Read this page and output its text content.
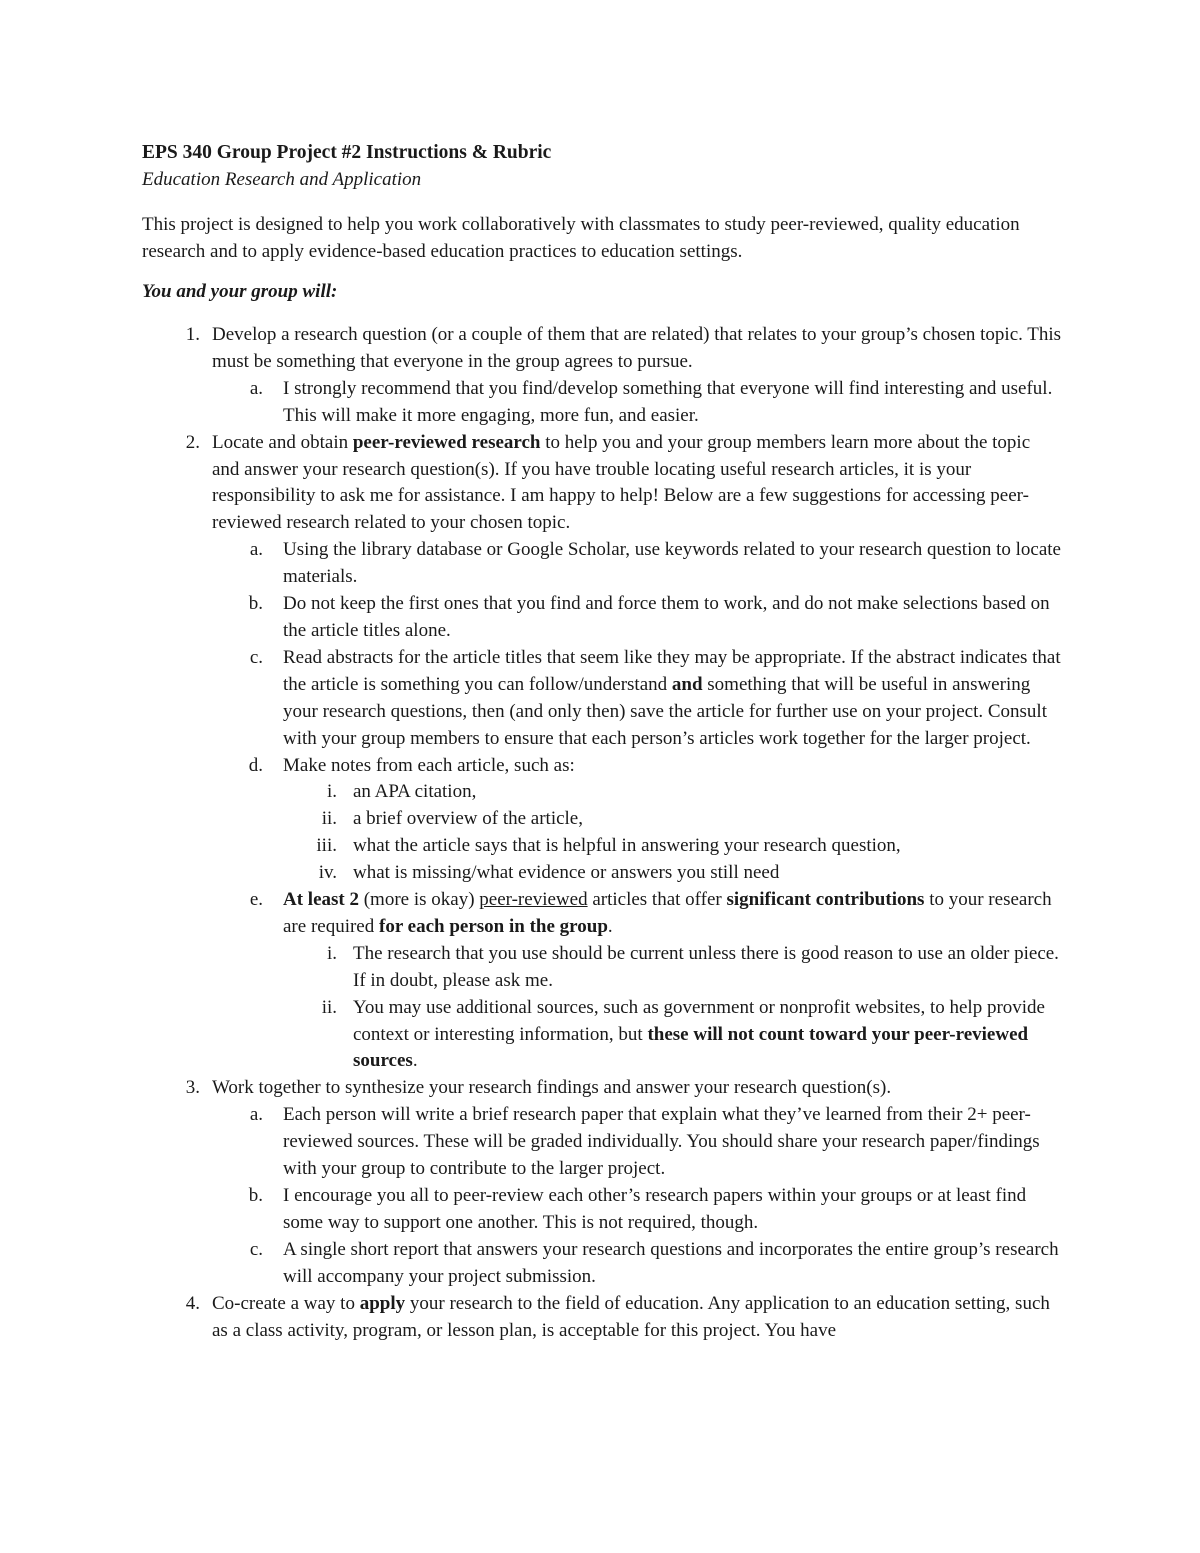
EPS 340 Group Project #2 Instructions & Rubric
Education Research and Application
This project is designed to help you work collaboratively with classmates to study peer-reviewed, quality education research and to apply evidence-based education practices to education settings.
You and your group will:
1. Develop a research question (or a couple of them that are related) that relates to your group’s chosen topic. This must be something that everyone in the group agrees to pursue.
a. I strongly recommend that you find/develop something that everyone will find interesting and useful. This will make it more engaging, more fun, and easier.
2. Locate and obtain peer-reviewed research to help you and your group members learn more about the topic and answer your research question(s). If you have trouble locating useful research articles, it is your responsibility to ask me for assistance. I am happy to help! Below are a few suggestions for accessing peer-reviewed research related to your chosen topic.
a. Using the library database or Google Scholar, use keywords related to your research question to locate materials.
b. Do not keep the first ones that you find and force them to work, and do not make selections based on the article titles alone.
c. Read abstracts for the article titles that seem like they may be appropriate. If the abstract indicates that the article is something you can follow/understand and something that will be useful in answering your research questions, then (and only then) save the article for further use on your project. Consult with your group members to ensure that each person’s articles work together for the larger project.
d. Make notes from each article, such as:
i. an APA citation,
ii. a brief overview of the article,
iii. what the article says that is helpful in answering your research question,
iv. what is missing/what evidence or answers you still need
e. At least 2 (more is okay) peer-reviewed articles that offer significant contributions to your research are required for each person in the group.
i. The research that you use should be current unless there is good reason to use an older piece. If in doubt, please ask me.
ii. You may use additional sources, such as government or nonprofit websites, to help provide context or interesting information, but these will not count toward your peer-reviewed sources.
3. Work together to synthesize your research findings and answer your research question(s).
a. Each person will write a brief research paper that explain what they’ve learned from their 2+ peer-reviewed sources. These will be graded individually. You should share your research paper/findings with your group to contribute to the larger project.
b. I encourage you all to peer-review each other’s research papers within your groups or at least find some way to support one another. This is not required, though.
c. A single short report that answers your research questions and incorporates the entire group’s research will accompany your project submission.
4. Co-create a way to apply your research to the field of education. Any application to an education setting, such as a class activity, program, or lesson plan, is acceptable for this project. You have
